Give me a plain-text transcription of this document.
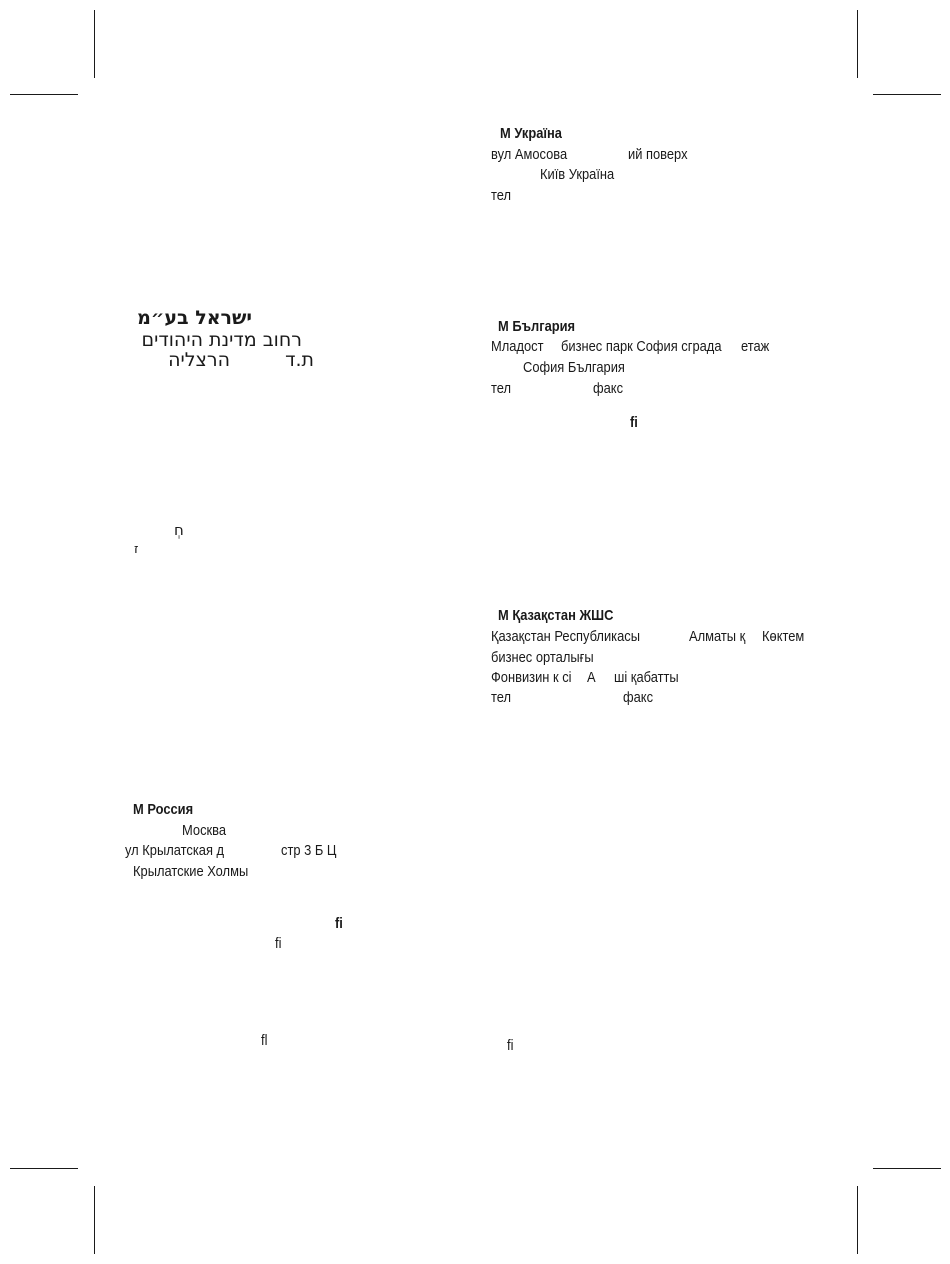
ישראל בע״מ
רחוב מדינת היהודים
ת.ד
הרצליה
חְ
ז
М Россия
Москва
ул Крылатская д	стр 3 Б Ц
Крылатские Холмы
fi
fi
fl
М Україна
вул Амосова	ий поверх
Київ Україна
тел
М България
Младост бизнес парк София сграда етаж
София България
тел	факс
fi
М Қазақстан ЖШС
Қазақстан Республикасы	Алматы қ Көктем
бизнес орталығы
Фонвизин к сі А ші қабатты
тел	факс
fi
